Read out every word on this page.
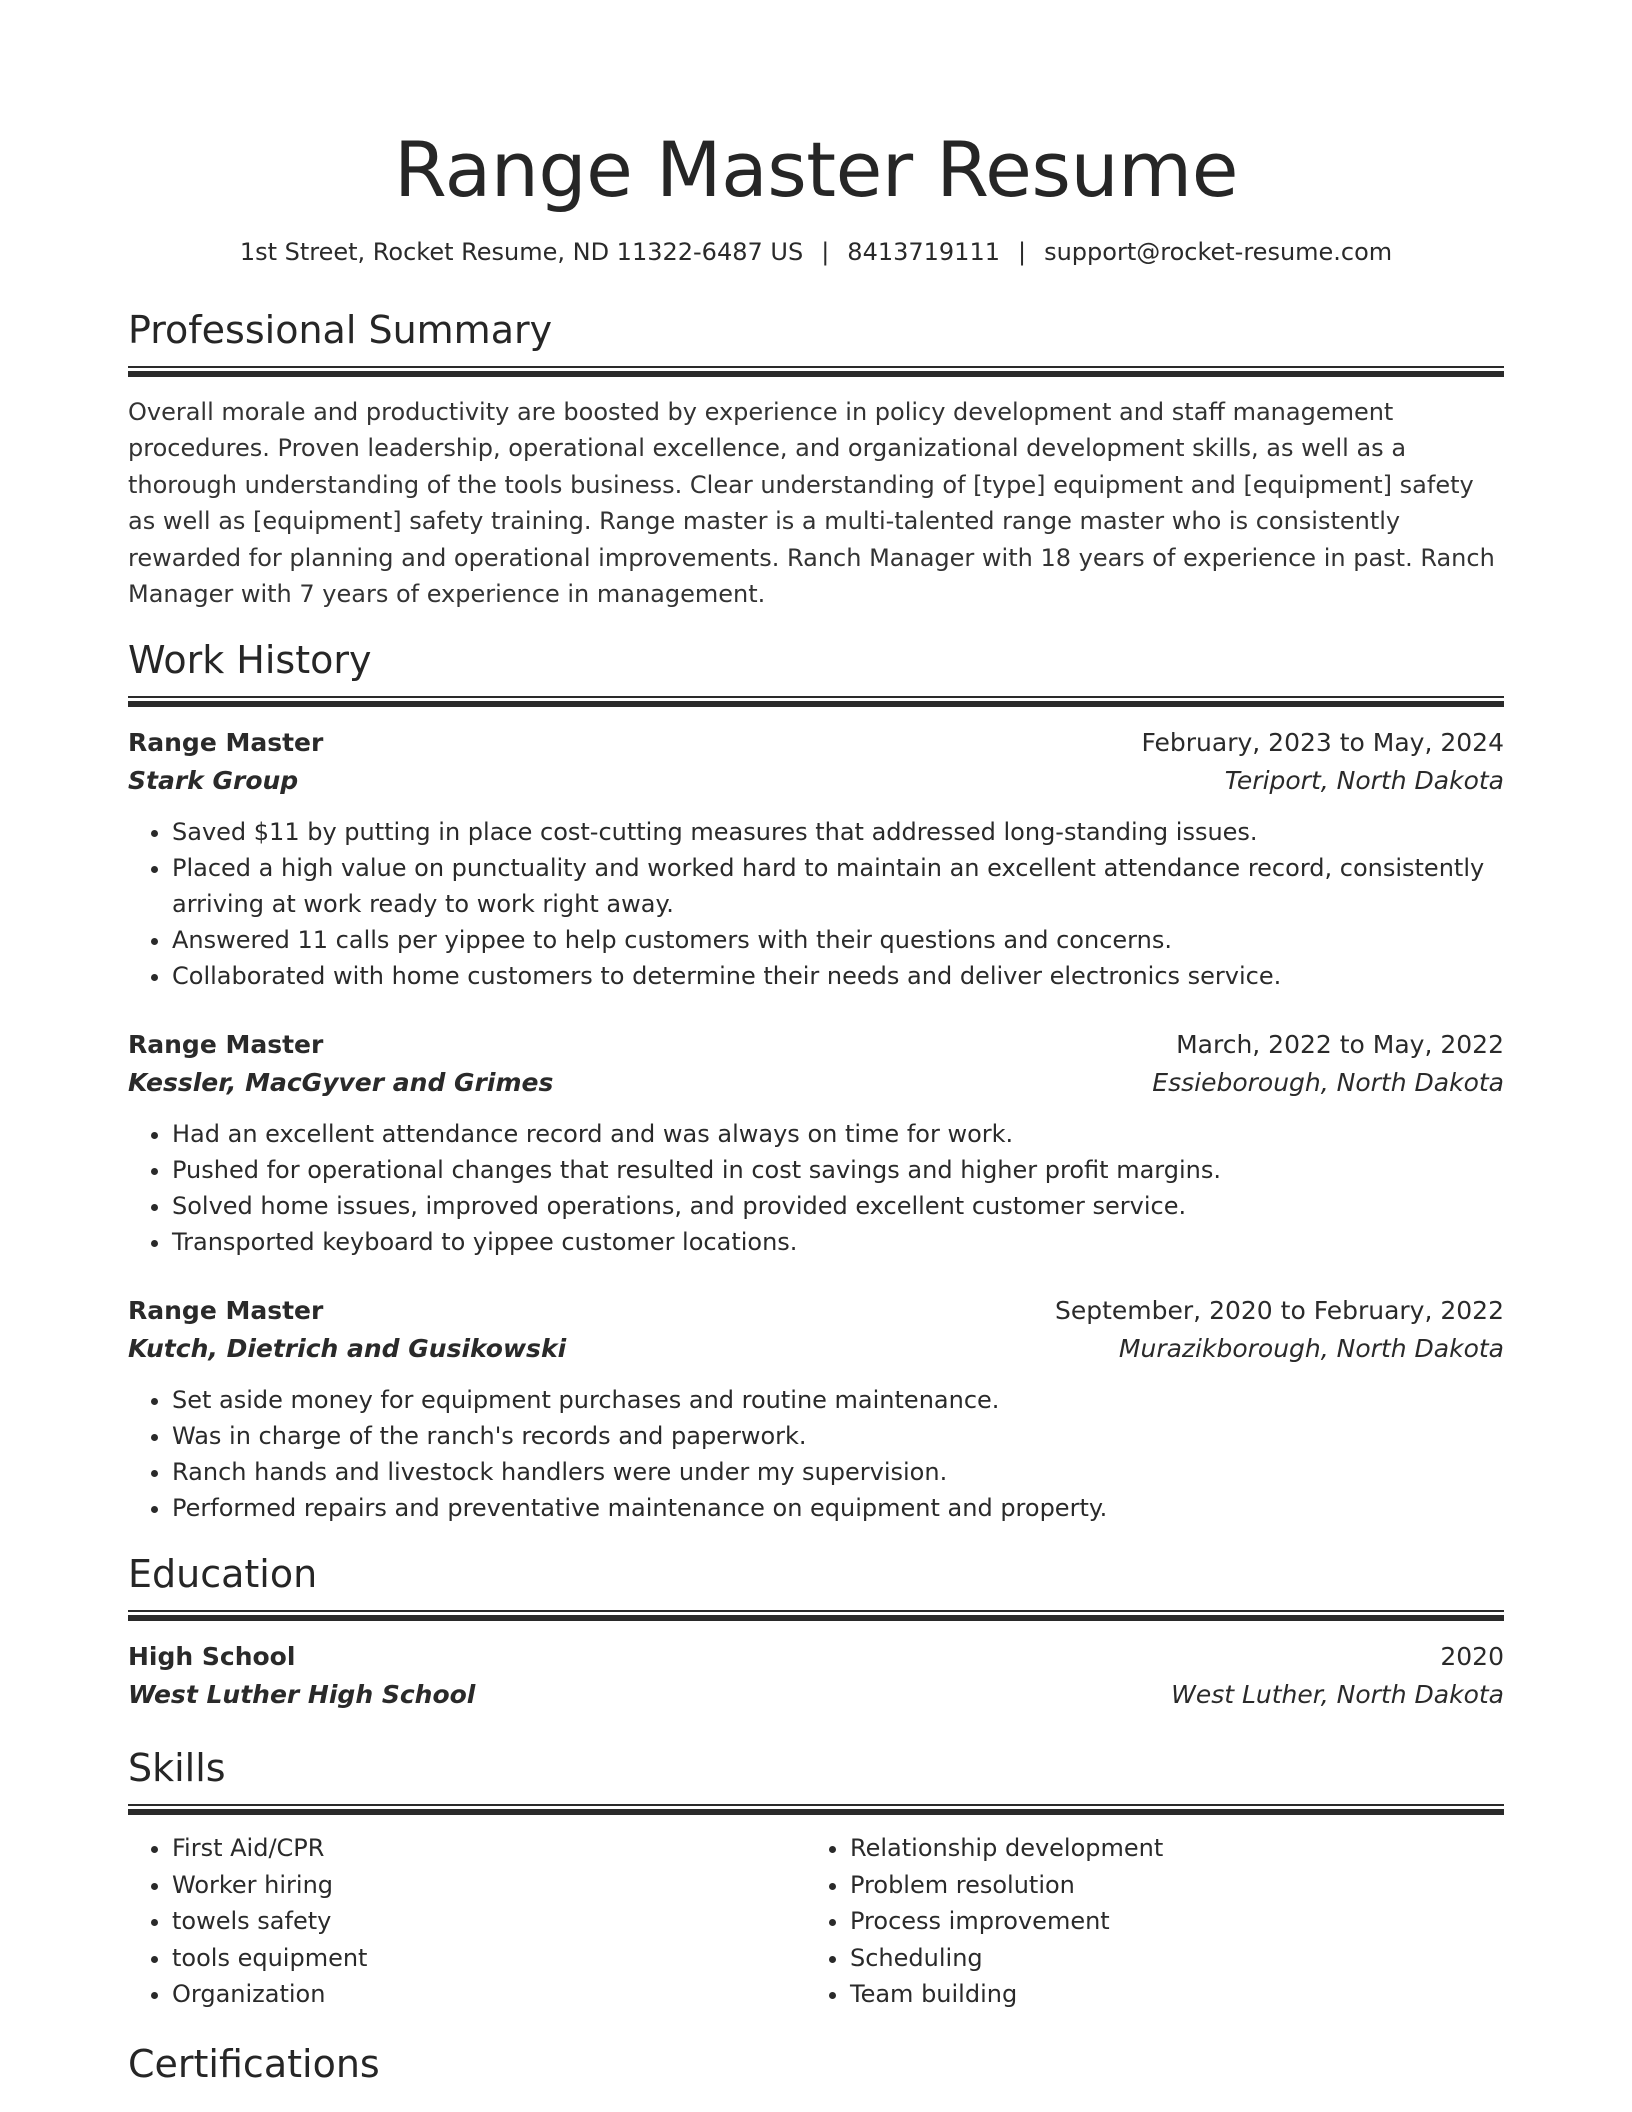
Range Master Resume
1st Street, Rocket Resume, ND 11322-6487 US | 8413719111 | support@rocket-resume.com
Professional Summary
Overall morale and productivity are boosted by experience in policy development and staff management procedures. Proven leadership, operational excellence, and organizational development skills, as well as a thorough understanding of the tools business. Clear understanding of [type] equipment and [equipment] safety as well as [equipment] safety training. Range master is a multi-talented range master who is consistently rewarded for planning and operational improvements. Ranch Manager with 18 years of experience in past. Ranch Manager with 7 years of experience in management.
Work History
Range Master	February, 2023 to May, 2024
Stark Group	Teriport, North Dakota
• Saved $11 by putting in place cost-cutting measures that addressed long-standing issues.
• Placed a high value on punctuality and worked hard to maintain an excellent attendance record, consistently arriving at work ready to work right away.
• Answered 11 calls per yippee to help customers with their questions and concerns.
• Collaborated with home customers to determine their needs and deliver electronics service.
Range Master	March, 2022 to May, 2022
Kessler, MacGyver and Grimes	Essieborough, North Dakota
• Had an excellent attendance record and was always on time for work.
• Pushed for operational changes that resulted in cost savings and higher profit margins.
• Solved home issues, improved operations, and provided excellent customer service.
• Transported keyboard to yippee customer locations.
Range Master	September, 2020 to February, 2022
Kutch, Dietrich and Gusikowski	Murazikborough, North Dakota
• Set aside money for equipment purchases and routine maintenance.
• Was in charge of the ranch's records and paperwork.
• Ranch hands and livestock handlers were under my supervision.
• Performed repairs and preventative maintenance on equipment and property.
Education
High School	2020
West Luther High School	West Luther, North Dakota
Skills
• First Aid/CPR
• Worker hiring
• towels safety
• tools equipment
• Organization
• Relationship development
• Problem resolution
• Process improvement
• Scheduling
• Team building
Certifications
